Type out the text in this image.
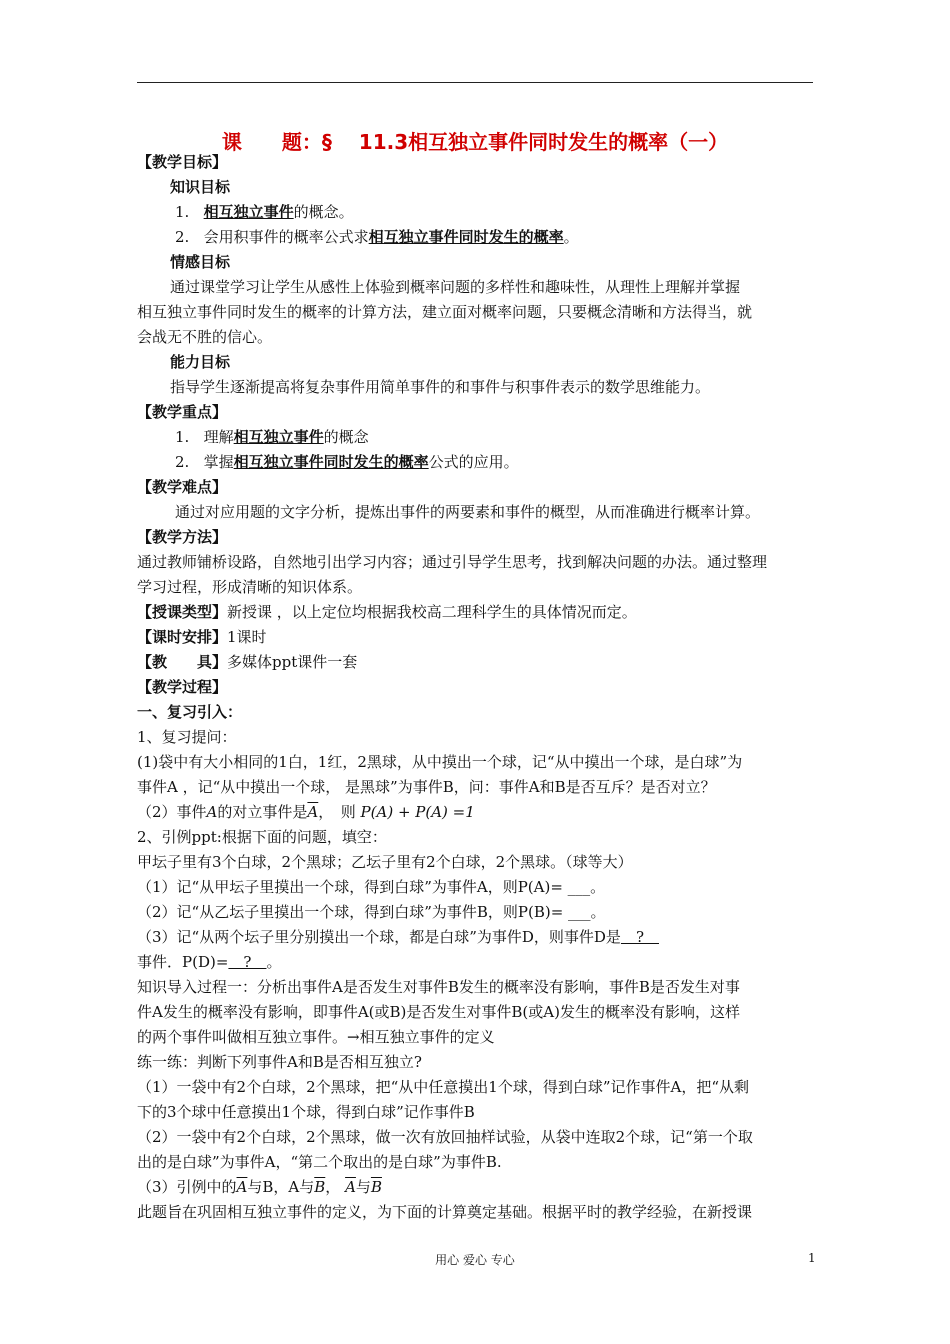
课　　题：§　 11.3相互独立事件同时发生的概率（一）
【教学目标】
知识目标
1. 相互独立事件的概念。
2. 会用积事件的概率公式求相互独立事件同时发生的概率。
情感目标
通过课堂学习让学生从感性上体验到概率问题的多样性和趣味性，从理性上理解并掌握
相互独立事件同时发生的概率的计算方法，建立面对概率问题，只要概念清晰和方法得当，就
会战无不胜的信心。
能力目标
指导学生逐渐提高将复杂事件用简单事件的和事件与积事件表示的数学思维能力。
【教学重点】
1. 理解相互独立事件的概念
2. 掌握相互独立事件同时发生的概率公式的应用。
【教学难点】
通过对应用题的文字分析，提炼出事件的两要素和事件的概型，从而准确进行概率计算。
【教学方法】
通过教师铺桥设路，自然地引出学习内容；通过引导学生思考，找到解决问题的办法。通过整理
学习过程，形成清晰的知识体系。
【授课类型】新授课 ，以上定位均根据我校高二理科学生的具体情况而定。
【课时安排】1课时
【教　　具】多媒体ppt课件一套
【教学过程】
一、复习引入：
1、复习提问：
(1)袋中有大小相同的1白，1红，2黑球，从中摸出一个球，记“从中摸出一个球，是白球”为
事件A ，记“从中摸出一个球， 是黑球”为事件B，问：事件A和B是否互斥？是否对立？
（2）事件A的对立事件是$\overline{A}$，　则 P(A) + P(A) =1
2、引例ppt:根据下面的问题，填空：
甲坛子里有3个白球，2个黑球；乙坛子里有2个白球，2个黑球。（球等大）
（1）记“从甲坛子里摸出一个球，得到白球”为事件A，则P(A)= ___。
（2）记“从乙坛子里摸出一个球，得到白球”为事件B，则P(B)= ___。
（3）记“从两个坛子里分别摸出一个球，都是白球”为事件D，则事件D是　?　
事件．P(D)=　?　。
知识导入过程一：分析出事件A是否发生对事件B发生的概率没有影响，事件B是否发生对事
件A发生的概率没有影响，即事件A(或B)是否发生对事件B(或A)发生的概率没有影响，这样
的两个事件叫做相互独立事件。→相互独立事件的定义
练一练：判断下列事件A和B是否相互独立?
（1）一袋中有2个白球，2个黑球，把“从中任意摸出1个球，得到白球”记作事件A，把“从剩
下的3个球中任意摸出1个球，得到白球”记作事件B
（2）一袋中有2个白球，2个黑球，做一次有放回抽样试验，从袋中连取2个球，记“第一个取
出的是白球”为事件A，“第二个取出的是白球”为事件B.
（3）引例中的$\overline{A}$与B，A与$\overline{B}$， $\overline{A}$与$\overline{B}$
此题旨在巩固相互独立事件的定义，为下面的计算奠定基础。根据平时的教学经验，在新授课
用心 爱心 专心	1
